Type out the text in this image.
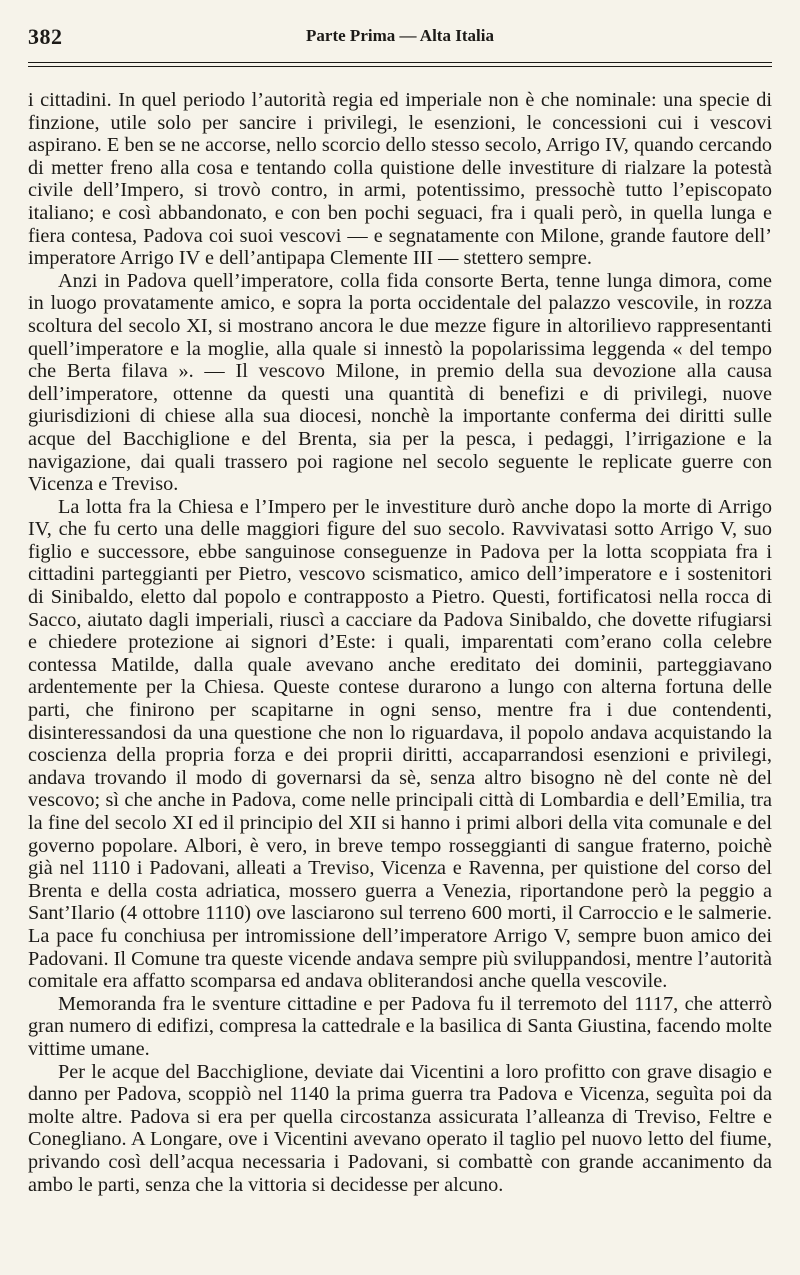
382	Parte Prima — Alta Italia

i cittadini. In quel periodo l’autorità regia ed imperiale non è che nominale: una specie di finzione, utile solo per sancire i privilegi, le esenzioni, le concessioni cui i vescovi aspirano. E ben se ne accorse, nello scorcio dello stesso secolo, Arrigo IV, quando cercando di metter freno alla cosa e tentando colla quistione delle investiture di rialzare la potestà civile dell’Impero, si trovò contro, in armi, potentissimo, pressochè tutto l’episcopato italiano; e così abbandonato, e con ben pochi seguaci, fra i quali però, in quella lunga e fiera contesa, Padova coi suoi vescovi — e segnatamente con Milone, grande fautore dell’ imperatore Arrigo IV e dell’antipapa Clemente III — stettero sempre.

Anzi in Padova quell’imperatore, colla fida consorte Berta, tenne lunga dimora, come in luogo provatamente amico, e sopra la porta occidentale del palazzo vescovile, in rozza scoltura del secolo XI, si mostrano ancora le due mezze figure in altorilievo rappresentanti quell’imperatore e la moglie, alla quale si innestò la popolarissima leggenda « del tempo che Berta filava ». — Il vescovo Milone, in premio della sua devozione alla causa dell’imperatore, ottenne da questi una quantità di benefizi e di privilegi, nuove giurisdizioni di chiese alla sua diocesi, nonchè la importante conferma dei diritti sulle acque del Bacchiglione e del Brenta, sia per la pesca, i pedaggi, l’irrigazione e la navigazione, dai quali trassero poi ragione nel secolo seguente le replicate guerre con Vicenza e Treviso.

La lotta fra la Chiesa e l’Impero per le investiture durò anche dopo la morte di Arrigo IV, che fu certo una delle maggiori figure del suo secolo. Ravvivatasi sotto Arrigo V, suo figlio e successore, ebbe sanguinose conseguenze in Padova per la lotta scoppiata fra i cittadini parteggianti per Pietro, vescovo scismatico, amico dell’imperatore e i sostenitori di Sinibaldo, eletto dal popolo e contrapposto a Pietro. Questi, fortificatosi nella rocca di Sacco, aiutato dagli imperiali, riuscì a cacciare da Padova Sinibaldo, che dovette rifugiarsi e chiedere protezione ai signori d’Este: i quali, imparentati com’erano colla celebre contessa Matilde, dalla quale avevano anche ereditato dei dominii, parteggiavano ardentemente per la Chiesa. Queste contese durarono a lungo con alterna fortuna delle parti, che finirono per scapitarne in ogni senso, mentre fra i due contendenti, disinteressandosi da una questione che non lo riguardava, il popolo andava acquistando la coscienza della propria forza e dei proprii diritti, accaparrandosi esenzioni e privilegi, andava trovando il modo di governarsi da sè, senza altro bisogno nè del conte nè del vescovo; sì che anche in Padova, come nelle principali città di Lombardia e dell’Emilia, tra la fine del secolo XI ed il principio del XII si hanno i primi albori della vita comunale e del governo popolare. Albori, è vero, in breve tempo rosseggianti di sangue fraterno, poichè già nel 1110 i Padovani, alleati a Treviso, Vicenza e Ravenna, per quistione del corso del Brenta e della costa adriatica, mossero guerra a Venezia, riportandone però la peggio a Sant’Ilario (4 ottobre 1110) ove lasciarono sul terreno 600 morti, il Carroccio e le salmerie. La pace fu conchiusa per intromissione dell’imperatore Arrigo V, sempre buon amico dei Padovani. Il Comune tra queste vicende andava sempre più sviluppandosi, mentre l’autorità comitale era affatto scomparsa ed andava obliterandosi anche quella vescovile.

Memoranda fra le sventure cittadine e per Padova fu il terremoto del 1117, che atterrò gran numero di edifizi, compresa la cattedrale e la basilica di Santa Giustina, facendo molte vittime umane.

Per le acque del Bacchiglione, deviate dai Vicentini a loro profitto con grave disagio e danno per Padova, scoppiò nel 1140 la prima guerra tra Padova e Vicenza, seguìta poi da molte altre. Padova si era per quella circostanza assicurata l’alleanza di Treviso, Feltre e Conegliano. A Longare, ove i Vicentini avevano operato il taglio pel nuovo letto del fiume, privando così dell’acqua necessaria i Padovani, si combattè con grande accanimento da ambo le parti, senza che la vittoria si decidesse per alcuno.
